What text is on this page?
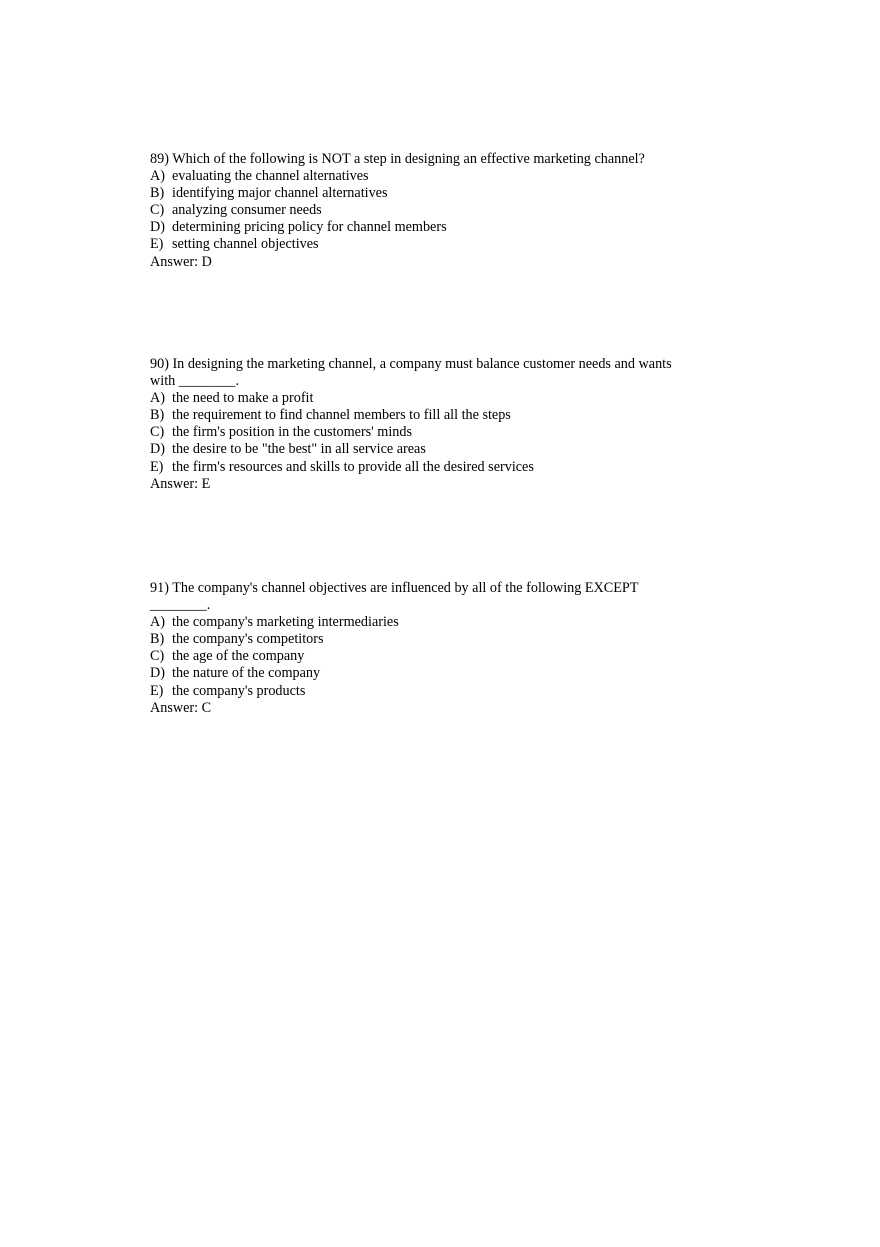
89) Which of the following is NOT a step in designing an effective marketing channel?
A) evaluating the channel alternatives
B) identifying major channel alternatives
C) analyzing consumer needs
D) determining pricing policy for channel members
E) setting channel objectives
Answer: D
90) In designing the marketing channel, a company must balance customer needs and wants
with ________.
A) the need to make a profit
B) the requirement to find channel members to fill all the steps
C) the firm's position in the customers' minds
D) the desire to be "the best" in all service areas
E) the firm's resources and skills to provide all the desired services
Answer: E
91) The company's channel objectives are influenced by all of the following EXCEPT
________.
A) the company's marketing intermediaries
B) the company's competitors
C) the age of the company
D) the nature of the company
E) the company's products
Answer: C
